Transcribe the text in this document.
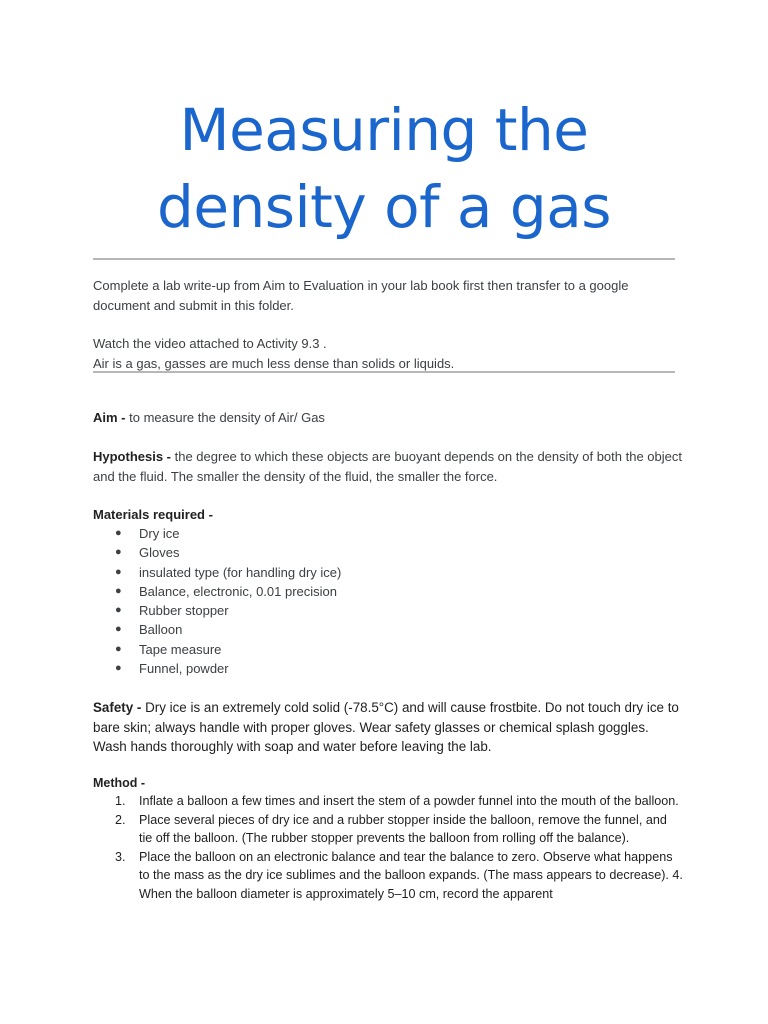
Measuring the
density of a gas

Complete a lab write-up from Aim to Evaluation in your lab book first then transfer to a google document and submit in this folder.

Watch the video attached to Activity 9.3 .

Air is a gas, gasses are much less dense than solids or liquids.

Aim - to measure the density of Air/ Gas
Hypothesis - the degree to which these objects are buoyant depends on the density of both the object and the fluid. The smaller the density of the fluid, the smaller the force.
Materials required -
● Dry ice
● Gloves
● insulated type (for handling dry ice)
● Balance, electronic, 0.01 precision
● Rubber stopper
● Balloon
● Tape measure
● Funnel, powder
Safety - Dry ice is an extremely cold solid (-78.5°C) and will cause frostbite. Do not touch dry ice to bare skin; always handle with proper gloves. Wear safety glasses or chemical splash goggles. Wash hands thoroughly with soap and water before leaving the lab.
Method -
1. Inflate a balloon a few times and insert the stem of a powder funnel into the mouth of the balloon.
2. Place several pieces of dry ice and a rubber stopper inside the balloon, remove the funnel, and tie off the balloon. (The rubber stopper prevents the balloon from rolling off the balance).
3. Place the balloon on an electronic balance and tear the balance to zero. Observe what happens to the mass as the dry ice sublimes and the balloon expands. (The mass appears to decrease). 4. When the balloon diameter is approximately 5–10 cm, record the apparent
